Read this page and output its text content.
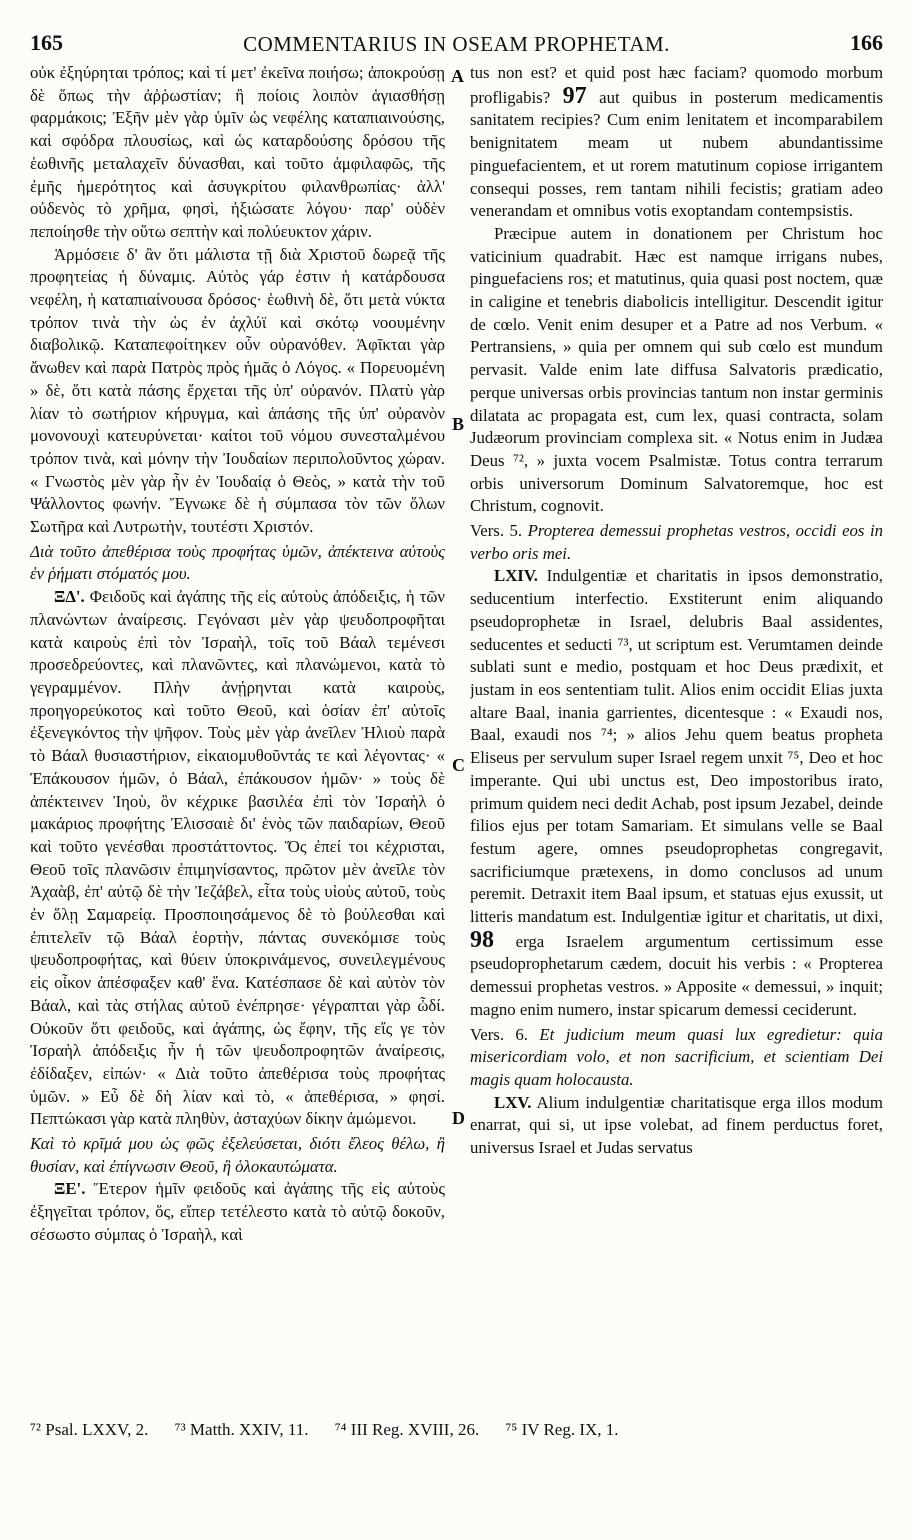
165	COMMENTARIUS IN OSEAM PROPHETAM.	166
A
B
C
D

οὐκ ἐξηύρηται τρόπος; καὶ τί μετ' ἐκεῖνα ποιήσω; ἀποκρούσῃ δὲ ὅπως τὴν ἀῤῥωστίαν; ἢ ποίοις λοιπὸν ἁγιασθήσῃ φαρμάκοις; Ἐξῆν μὲν γὰρ ὑμῖν ὡς νεφέλης καταπιαινούσης, καὶ σφόδρα πλουσίως, καὶ ὡς καταρδούσης δρόσου τῆς ἑωθινῆς μεταλαχεῖν δύνασθαι, καὶ τοῦτο ἀμφιλαφῶς, τῆς ἐμῆς ἡμερότητος καὶ ἀσυγκρίτου φιλανθρωπίας· ἀλλ' οὐδενὸς τὸ χρῆμα, φησὶ, ἠξιώσατε λόγου· παρ' οὐδὲν πεποίησθε τὴν οὕτω σεπτὴν καὶ πολύευκτον χάριν.

Ἁρμόσειε δ' ἂν ὅτι μάλιστα τῇ διὰ Χριστοῦ δωρεᾷ τῆς προφητείας ἡ δύναμις. Αὐτὸς γάρ ἐστιν ἡ κατάρδουσα νεφέλη, ἡ καταπιαίνουσα δρόσος· ἑωθινὴ δὲ, ὅτι μετὰ νύκτα τρόπον τινὰ τὴν ὡς ἐν ἀχλύϊ καὶ σκότῳ νοουμένην διαβολικῷ. Καταπεφοίτηκεν οὖν οὐρανόθεν. Ἀφῖκται γὰρ ἄνωθεν καὶ παρὰ Πατρὸς πρὸς ἡμᾶς ὁ Λόγος. « Πορευομένη » δὲ, ὅτι κατὰ πάσης ἔρχεται τῆς ὑπ' οὐρανόν. Πλατὺ γὰρ λίαν τὸ σωτήριον κήρυγμα, καὶ ἁπάσης τῆς ὑπ' οὐρανὸν μονονουχὶ κατευρύνεται· καίτοι τοῦ νόμου συνεσταλμένου τρόπον τινὰ, καὶ μόνην τὴν Ἰουδαίων περιπολοῦντος χώραν. « Γνωστὸς μὲν γὰρ ἦν ἐν Ἰουδαίᾳ ὁ Θεὸς, » κατὰ τὴν τοῦ Ψάλλοντος φωνήν. Ἔγνωκε δὲ ἡ σύμπασα τὸν τῶν ὅλων Σωτῆρα καὶ Λυτρωτὴν, τουτέστι Χριστόν.

Διὰ τοῦτο ἀπεθέρισα τοὺς προφήτας ὑμῶν, ἀπέκτεινα αὐτοὺς ἐν ῥήματι στόματός μου.

ΞΔ'. Φειδοῦς καὶ ἀγάπης τῆς εἰς αὐτοὺς ἀπόδειξις, ἡ τῶν πλανώντων ἀναίρεσις. Γεγόνασι μὲν γὰρ ψευδοπροφῆται κατὰ καιροὺς ἐπὶ τὸν Ἰσραὴλ, τοῖς τοῦ Βάαλ τεμένεσι προσεδρεύοντες, καὶ πλανῶντες, καὶ πλανώμενοι, κατὰ τὸ γεγραμμένον. Πλὴν ἀνῄρηνται κατὰ καιροὺς, προηγορεύκοτος καὶ τοῦτο Θεοῦ, καὶ ὁσίαν ἐπ' αὐτοῖς ἐξενεγκόντος τὴν ψῆφον. Τοὺς μὲν γὰρ ἀνεῖλεν Ἠλιοὺ παρὰ τὸ Βάαλ θυσιαστήριον, εἰκαιομυθοῦντάς τε καὶ λέγοντας· « Ἐπάκουσον ἡμῶν, ὁ Βάαλ, ἐπάκουσον ἡμῶν· » τοὺς δὲ ἀπέκτεινεν Ἰηοὺ, ὃν κέχρικε βασιλέα ἐπὶ τὸν Ἰσραὴλ ὁ μακάριος προφήτης Ἐλισσαιὲ δι' ἑνὸς τῶν παιδαρίων, Θεοῦ καὶ τοῦτο γενέσθαι προστάττοντος. Ὅς ἐπεί τοι κέχρισται, Θεοῦ τοῖς πλανῶσιν ἐπιμηνίσαντος, πρῶτον μὲν ἀνεῖλε τὸν Ἀχαὰβ, ἐπ' αὐτῷ δὲ τὴν Ἰεζάβελ, εἶτα τοὺς υἱοὺς αὐτοῦ, τοὺς ἐν ὅλῃ Σαμαρείᾳ. Προσποιησάμενος δὲ τὸ βούλεσθαι καὶ ἐπιτελεῖν τῷ Βάαλ ἑορτὴν, πάντας συνεκόμισε τοὺς ψευδοπροφήτας, καὶ θύειν ὑποκρινάμενος, συνειλεγμένους εἰς οἶκον ἀπέσφαξεν καθ' ἕνα. Κατέσπασε δὲ καὶ αὐτὸν τὸν Βάαλ, καὶ τὰς στήλας αὐτοῦ ἐνέπρησε· γέγραπται γὰρ ὧδί. Οὐκοῦν ὅτι φειδοῦς, καὶ ἀγάπης, ὡς ἔφην, τῆς εἴς γε τὸν Ἰσραὴλ ἀπόδειξις ἦν ἡ τῶν ψευδοπροφητῶν ἀναίρεσις, ἐδίδαξεν, εἰπών· « Διὰ τοῦτο ἀπεθέρισα τοὺς προφήτας ὑμῶν. » Εὖ δὲ δὴ λίαν καὶ τὸ, « ἀπεθέρισα, » φησί. Πεπτώκασι γὰρ κατὰ πληθὺν, ἀσταχύων δίκην ἀμώμενοι.

Καὶ τὸ κρῖμά μου ὡς φῶς ἐξελεύσεται, διότι ἔλεος θέλω, ἢ θυσίαν, καὶ ἐπίγνωσιν Θεοῦ, ἢ ὁλοκαυτώματα.

ΞΕ'. Ἕτερον ἡμῖν φειδοῦς καὶ ἀγάπης τῆς εἰς αὐτοὺς ἐξηγεῖται τρόπον, ὅς, εἴπερ τετέλεστο κατὰ τὸ αὐτῷ δοκοῦν, σέσωστο σύμπας ὁ Ἰσραὴλ, καὶ

tus non est? et quid post hæc faciam? quomodo morbum profligabis? 97 aut quibus in posterum medicamentis sanitatem recipies? Cum enim lenitatem et incomparabilem benignitatem meam ut nubem abundantissime pinguefacientem, et ut rorem matutinum copiose irrigantem consequi posses, rem tantam nihili fecistis; gratiam adeo venerandam et omnibus votis exoptandam contempsistis.

Præcipue autem in donationem per Christum hoc vaticinium quadrabit. Hæc est namque irrigans nubes, pinguefaciens ros; et matutinus, quia quasi post noctem, quæ in caligine et tenebris diabolicis intelligitur. Descendit igitur de cœlo. Venit enim desuper et a Patre ad nos Verbum. « Pertransiens, » quia per omnem qui sub cœlo est mundum pervasit. Valde enim late diffusa Salvatoris prædicatio, perque universas orbis provincias tantum non instar germinis dilatata ac propagata est, cum lex, quasi contracta, solam Judæorum provinciam complexa sit. « Notus enim in Judæa Deus ⁷², » juxta vocem Psalmistæ. Totus contra terrarum orbis universorum Dominum Salvatoremque, hoc est Christum, cognovit.

Vers. 5. Propterea demessui prophetas vestros, occidi eos in verbo oris mei.

LXIV. Indulgentiæ et charitatis in ipsos demonstratio, seducentium interfectio. Exstiterunt enim aliquando pseudoprophetæ in Israel, delubris Baal assidentes, seducentes et seducti ⁷³, ut scriptum est. Verumtamen deinde sublati sunt e medio, postquam et hoc Deus prædixit, et justam in eos sententiam tulit. Alios enim occidit Elias juxta altare Baal, inania garrientes, dicentesque : « Exaudi nos, Baal, exaudi nos ⁷⁴; » alios Jehu quem beatus propheta Eliseus per servulum super Israel regem unxit ⁷⁵, Deo et hoc imperante. Qui ubi unctus est, Deo impostoribus irato, primum quidem neci dedit Achab, post ipsum Jezabel, deinde filios ejus per totam Samariam. Et simulans velle se Baal festum agere, omnes pseudoprophetas congregavit, sacrificiumque prætexens, in domo conclusos ad unum peremit. Detraxit item Baal ipsum, et statuas ejus exussit, ut litteris mandatum est. Indulgentiæ igitur et charitatis, ut dixi, 98 erga Israelem argumentum certissimum esse pseudoprophetarum cædem, docuit his verbis : « Propterea demessui prophetas vestros. » Apposite « demessui, » inquit; magno enim numero, instar spicarum demessi ceciderunt.

Vers. 6. Et judicium meum quasi lux egredietur: quia misericordiam volo, et non sacrificium, et scientiam Dei magis quam holocausta.

LXV. Alium indulgentiæ charitatisque erga illos modum enarrat, qui si, ut ipse volebat, ad finem perductus foret, universus Israel et Judas servatus

⁷² Psal. LXXV, 2. ⁷³ Matth. XXIV, 11. ⁷⁴ III Reg. XVIII, 26. ⁷⁵ IV Reg. IX, 1.
